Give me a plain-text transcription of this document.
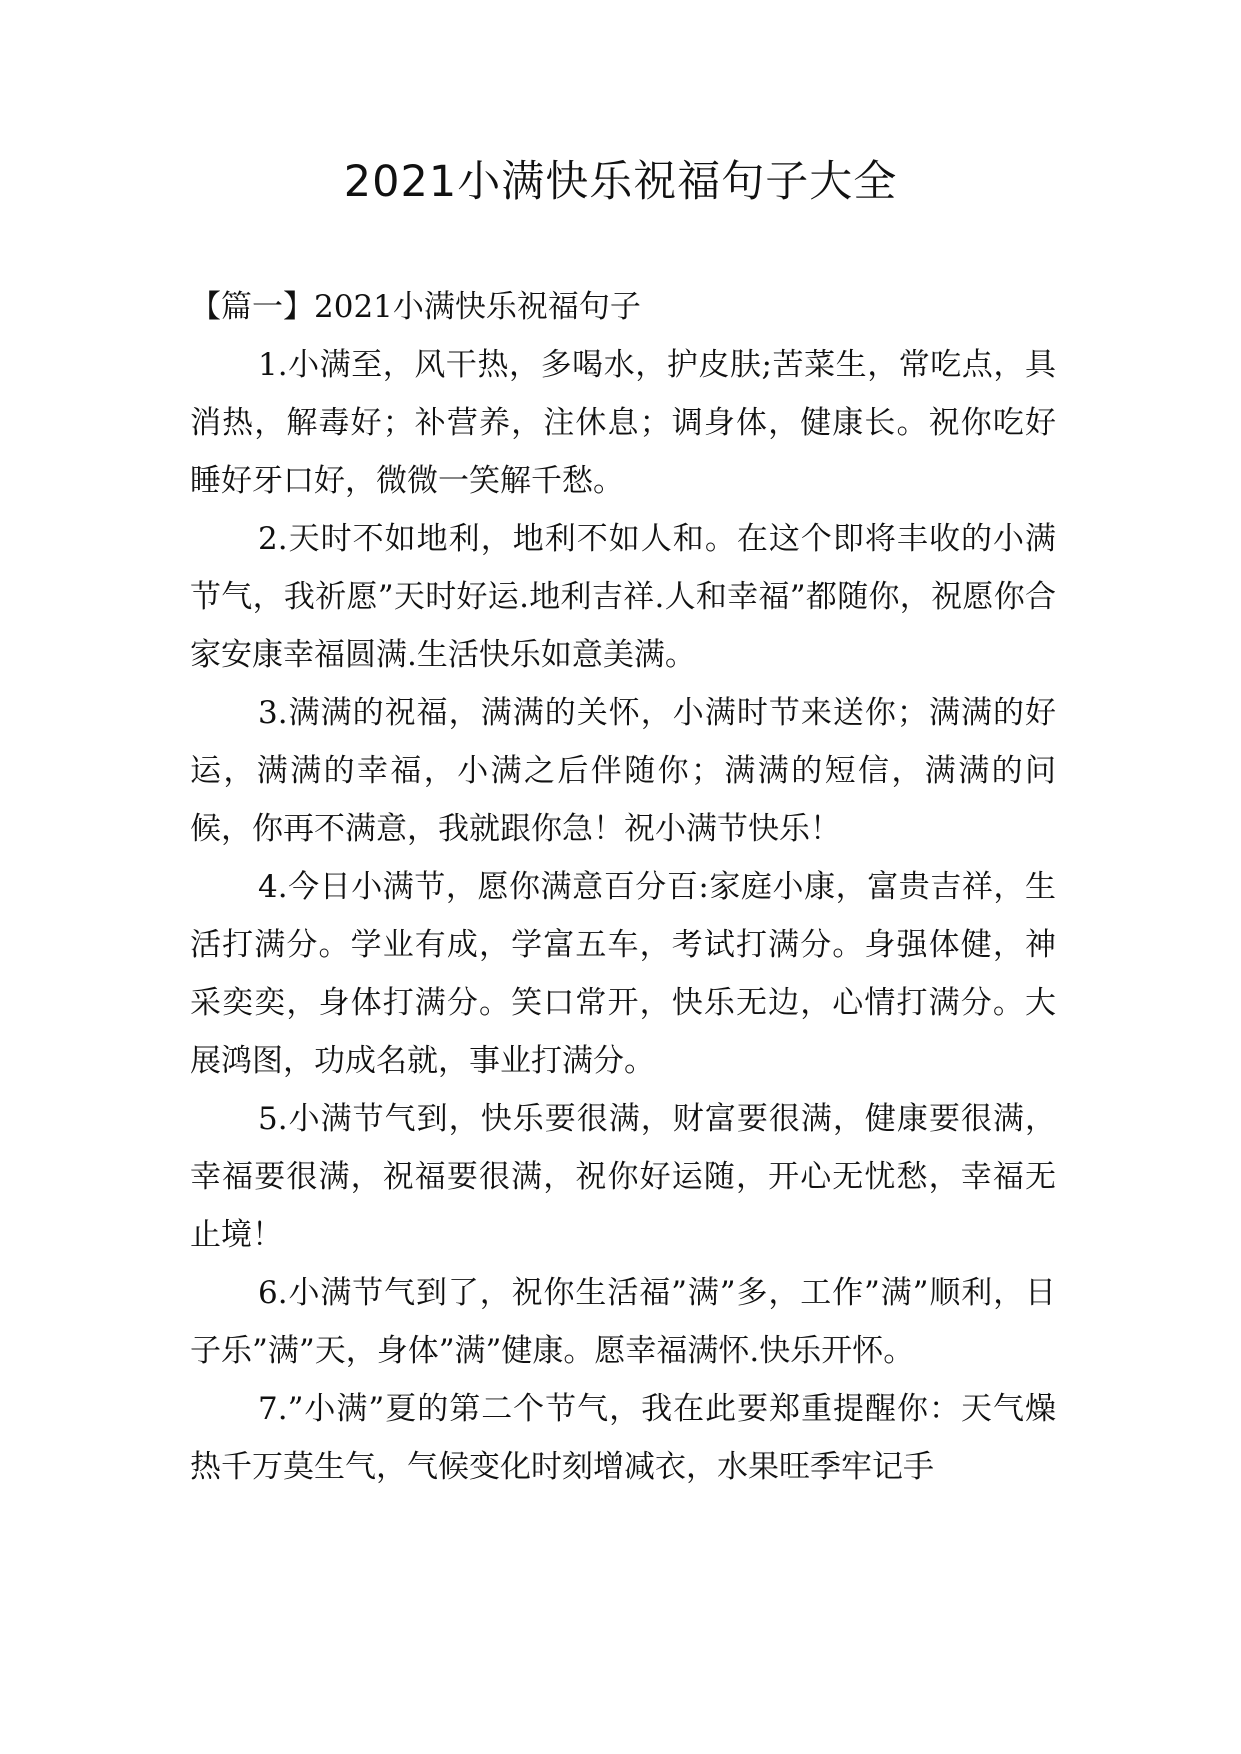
2021小满快乐祝福句子大全
【篇一】2021小满快乐祝福句子

1.小满至，风干热，多喝水，护皮肤;苦菜生，常吃点，具消热，解毒好；补营养，注休息；调身体，健康长。祝你吃好睡好牙口好，微微一笑解千愁。

2.天时不如地利，地利不如人和。在这个即将丰收的小满节气，我祈愿”天时好运.地利吉祥.人和幸福”都随你，祝愿你合家安康幸福圆满.生活快乐如意美满。

3.满满的祝福，满满的关怀，小满时节来送你；满满的好运，满满的幸福，小满之后伴随你；满满的短信，满满的问候，你再不满意，我就跟你急！祝小满节快乐！

4.今日小满节，愿你满意百分百:家庭小康，富贵吉祥，生活打满分。学业有成，学富五车，考试打满分。身强体健，神采奕奕，身体打满分。笑口常开，快乐无边，心情打满分。大展鸿图，功成名就，事业打满分。

5.小满节气到，快乐要很满，财富要很满，健康要很满，幸福要很满，祝福要很满，祝你好运随，开心无忧愁，幸福无止境！

6.小满节气到了，祝你生活福”满”多，工作”满”顺利，日子乐”满”天，身体”满”健康。愿幸福满怀.快乐开怀。

7.”小满”夏的第二个节气，我在此要郑重提醒你：天气燥热千万莫生气，气候变化时刻增减衣，水果旺季牢记手
